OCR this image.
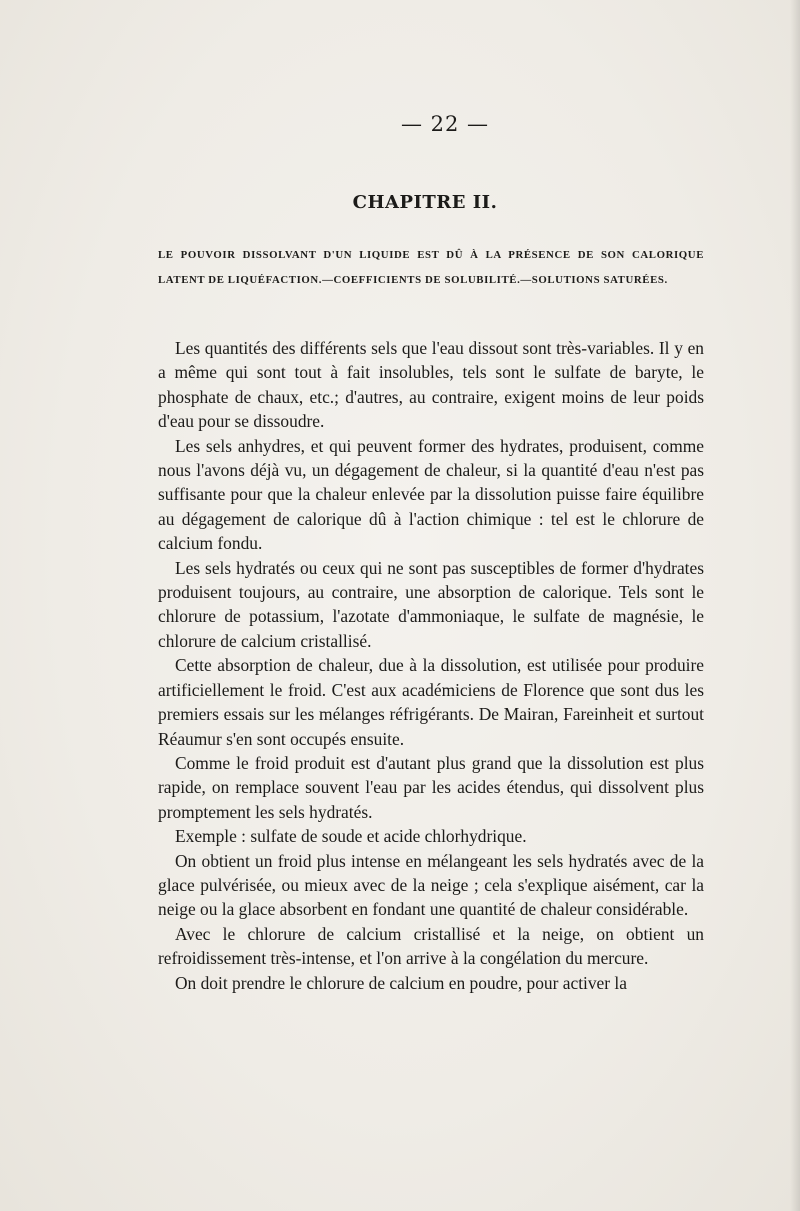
— 22 —
CHAPITRE II.
LE POUVOIR DISSOLVANT D'UN LIQUIDE EST DÛ À LA PRÉSENCE DE SON CALORIQUE LATENT DE LIQUÉFACTION.—COEFFICIENTS DE SOLUBILITÉ.—SOLUTIONS SATURÉES.

Les quantités des différents sels que l'eau dissout sont très-variables. Il y en a même qui sont tout à fait insolubles, tels sont le sulfate de baryte, le phosphate de chaux, etc.; d'autres, au contraire, exigent moins de leur poids d'eau pour se dissoudre.

Les sels anhydres, et qui peuvent former des hydrates, produisent, comme nous l'avons déjà vu, un dégagement de chaleur, si la quantité d'eau n'est pas suffisante pour que la chaleur enlevée par la dissolution puisse faire équilibre au dégagement de calorique dû à l'action chimique : tel est le chlorure de calcium fondu.

Les sels hydratés ou ceux qui ne sont pas susceptibles de former d'hydrates produisent toujours, au contraire, une absorption de calorique. Tels sont le chlorure de potassium, l'azotate d'ammoniaque, le sulfate de magnésie, le chlorure de calcium cristallisé.

Cette absorption de chaleur, due à la dissolution, est utilisée pour produire artificiellement le froid. C'est aux académiciens de Florence que sont dus les premiers essais sur les mélanges réfrigérants. De Mairan, Fareinheit et surtout Réaumur s'en sont occupés ensuite.

Comme le froid produit est d'autant plus grand que la dissolution est plus rapide, on remplace souvent l'eau par les acides étendus, qui dissolvent plus promptement les sels hydratés.

Exemple : sulfate de soude et acide chlorhydrique.

On obtient un froid plus intense en mélangeant les sels hydratés avec de la glace pulvérisée, ou mieux avec de la neige ; cela s'explique aisément, car la neige ou la glace absorbent en fondant une quantité de chaleur considérable.

Avec le chlorure de calcium cristallisé et la neige, on obtient un refroidissement très-intense, et l'on arrive à la congélation du mercure.

On doit prendre le chlorure de calcium en poudre, pour activer la
